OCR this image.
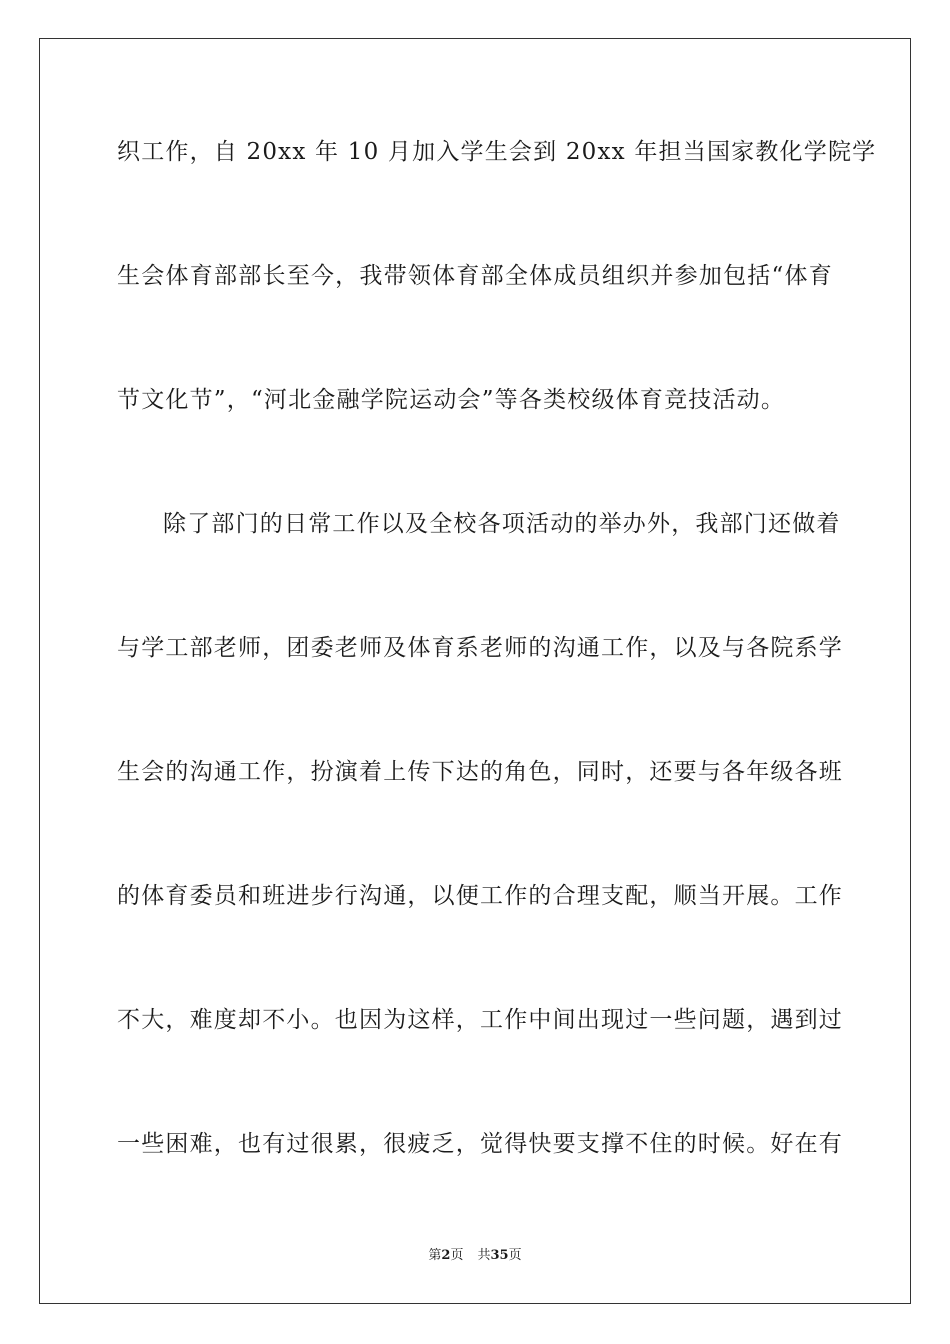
织工作，自 20xx 年 10 月加入学生会到 20xx 年担当国家教化学院学
生会体育部部长至今，我带领体育部全体成员组织并参加包括“体育
节文化节”，“河北金融学院运动会”等各类校级体育竞技活动。
除了部门的日常工作以及全校各项活动的举办外，我部门还做着
与学工部老师，团委老师及体育系老师的沟通工作，以及与各院系学
生会的沟通工作，扮演着上传下达的角色，同时，还要与各年级各班
的体育委员和班进步行沟通，以便工作的合理支配，顺当开展。工作
不大，难度却不小。也因为这样，工作中间出现过一些问题，遇到过
一些困难，也有过很累，很疲乏，觉得快要支撑不住的时候。好在有
第2页 共35页
